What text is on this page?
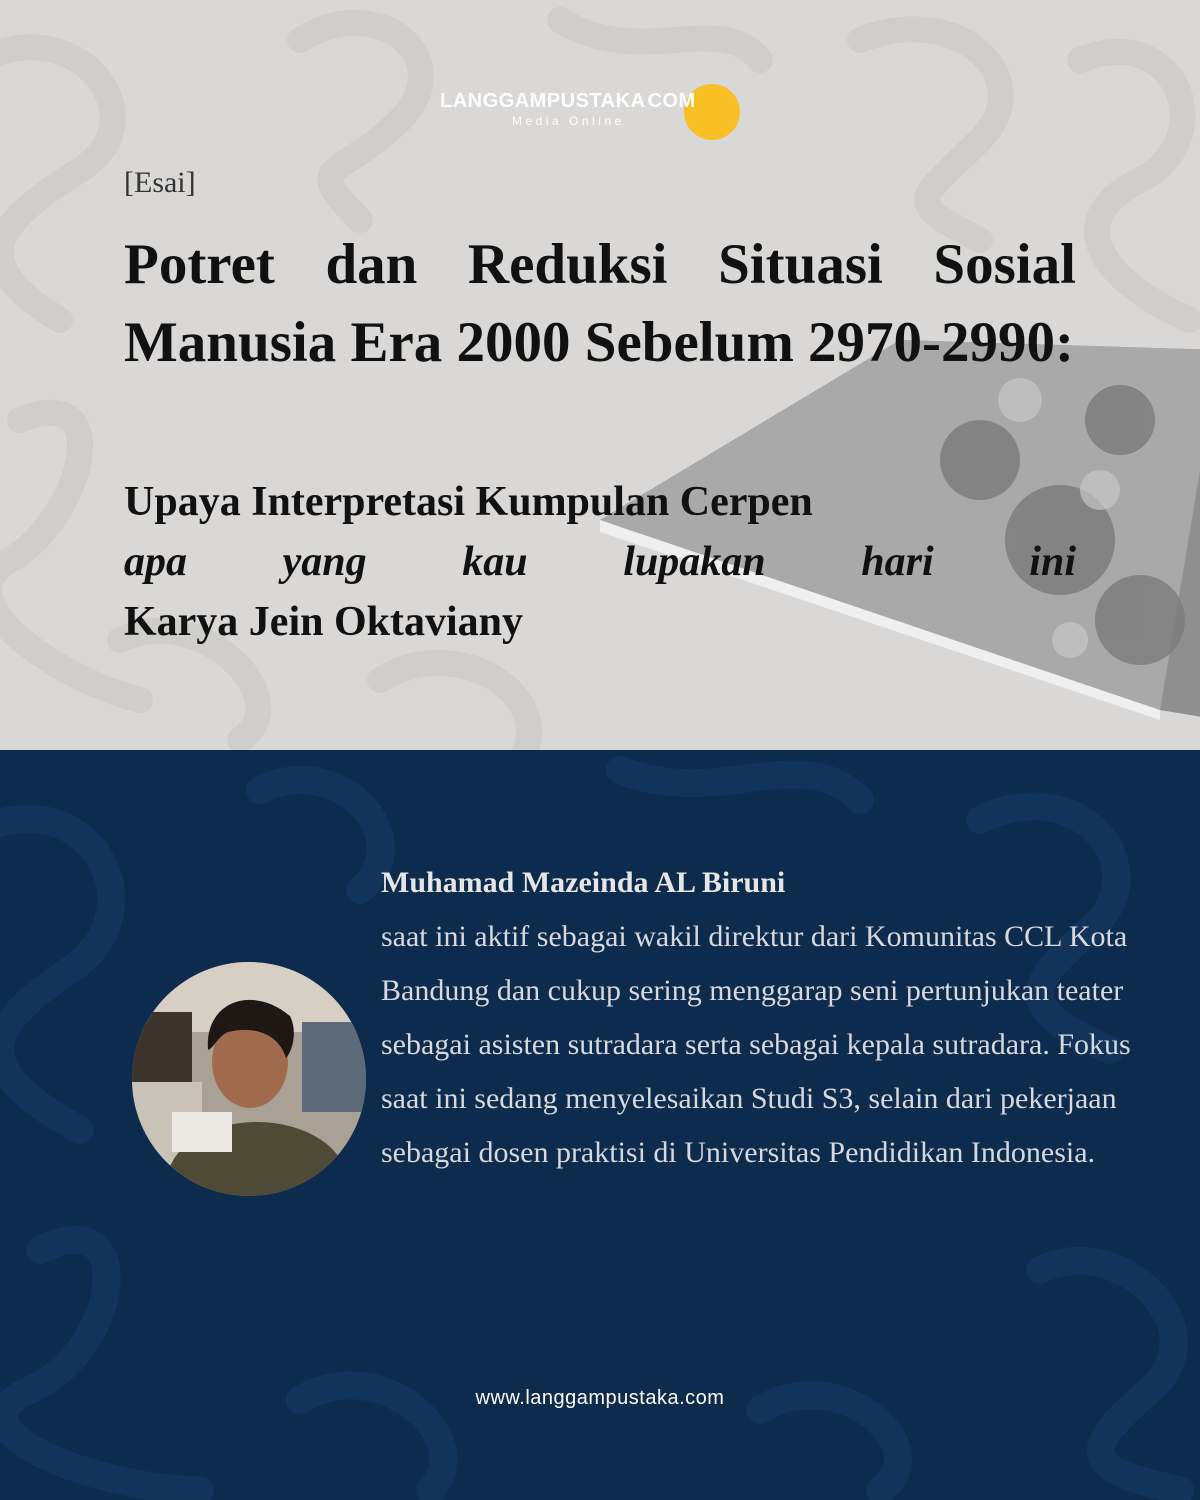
LANGGAMPUSTAKA COM
Media Online
[Esai]
Potret dan Reduksi Situasi Sosial Manusia Era 2000 Sebelum 2970-2990:
Upaya Interpretasi Kumpulan Cerpen
apa yang kau lupakan hari ini
Karya Jein Oktaviany
Muhamad Mazeinda AL Biruni

saat ini aktif sebagai wakil direktur dari Komunitas CCL Kota Bandung dan cukup sering menggarap seni pertunjukan teater sebagai asisten sutradara serta sebagai kepala sutradara. Fokus saat ini sedang menyelesaikan Studi S3, selain dari pekerjaan sebagai dosen praktisi di Universitas Pendidikan Indonesia.

www.langgampustaka.com
